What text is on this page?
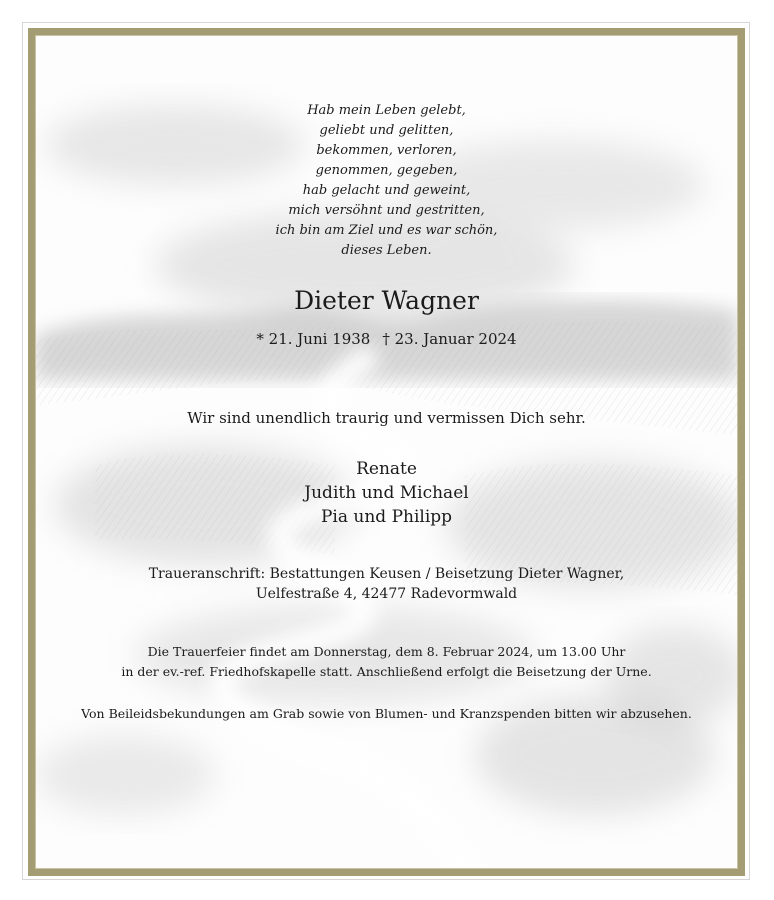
Hab mein Leben gelebt,
geliebt und gelitten,
bekommen, verloren,
genommen, gegeben,
hab gelacht und geweint,
mich versöhnt und gestritten,
ich bin am Ziel und es war schön,
dieses Leben.
Dieter Wagner
* 21. Juni 1938 † 23. Januar 2024
Wir sind unendlich traurig und vermissen Dich sehr.
Renate
Judith und Michael
Pia und Philipp
Traueranschrift: Bestattungen Keusen / Beisetzung Dieter Wagner,
Uelfestraße 4, 42477 Radevormwald
Die Trauerfeier findet am Donnerstag, dem 8. Februar 2024, um 13.00 Uhr
in der ev.-ref. Friedhofskapelle statt. Anschließend erfolgt die Beisetzung der Urne.
Von Beileidsbekundungen am Grab sowie von Blumen- und Kranzspenden bitten wir abzusehen.
